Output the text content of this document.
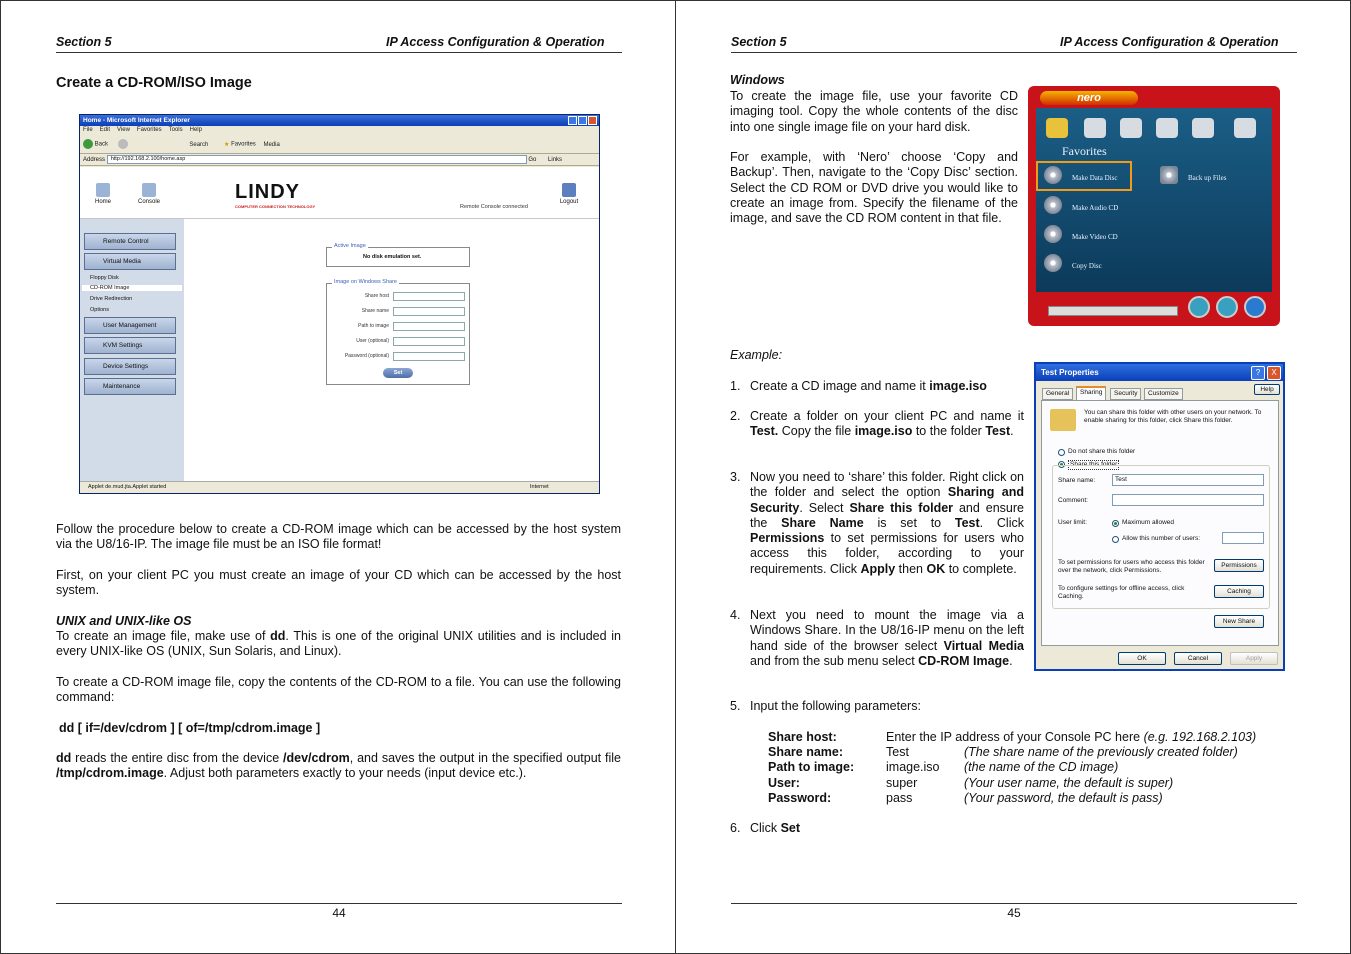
Section 5	IP Access Configuration & Operation
Create a CD-ROM/ISO Image
Home - Microsoft Internet Explorer
File Edit View Favorites Tools Help
Back	Search	★ Favorites Media
Address http://192.168.2.100/home.asp	Go Links
Home	Console	LINDY
COMPUTER CONNECTION TECHNOLOGY	Remote Console connected
Logout
Remote Control
Virtual Media
Floppy Disk
CD-ROM Image
Drive Redirection
Options
User Management
KVM Settings
Device Settings
Maintenance
Active Image
No disk emulation set.
Image on Windows Share
Share host
Share name
Path to image
User (optional)
Password (optional)
Set
Applet de.mud.jta.Applet started	Internet
Follow the procedure below to create a CD-ROM image which can be accessed by the host system via the U8/16-IP. The image file must be an ISO file format!
First, on your client PC you must create an image of your CD which can be accessed by the host system.
UNIX and UNIX-like OS
To create an image file, make use of dd. This is one of the original UNIX utilities and is included in every UNIX-like OS (UNIX, Sun Solaris, and Linux).
To create a CD-ROM image file, copy the contents of the CD-ROM to a file. You can use the following command:
dd [ if=/dev/cdrom ] [ of=/tmp/cdrom.image ]
dd reads the entire disc from the device /dev/cdrom, and saves the output in the specified output file /tmp/cdrom.image. Adjust both parameters exactly to your needs (input device etc.).
44
Section 5	IP Access Configuration & Operation
45
Windows
To create the image file, use your favorite CD imaging tool. Copy the whole contents of the disc into one single image file on your hard disk.
For example, with ‘Nero’ choose ‘Copy and Backup’. Then, navigate to the ‘Copy Disc’ section. Select the CD ROM or DVD drive you would like to create an image from. Specify the filename of the image, and save the CD ROM content in that file.
nero
Favorites
Make Data Disc	Back up Files
Make Audio CD
Make Video CD
Copy Disc
Example:
Test Properties	?	X
Help
General	Sharing	Security	Customize
You can share this folder with other users on your network. To enable sharing for this folder, click Share this folder.
Do not share this folder
Share this folder
Share name:	Test
Comment:
User limit:	Maximum allowed
Allow this number of users:
To set permissions for users who access this folder over the network, click Permissions.
Permissions
To configure settings for offline access, click Caching.
Caching
New Share
OK	Cancel	Apply
1. Create a CD image and name it image.iso
2. Create a folder on your client PC and name it Test. Copy the file image.iso to the folder Test.
3. Now you need to ‘share’ this folder. Right click on the folder and select the option Sharing and Security. Select Share this folder and ensure the Share Name is set to Test. Click Permissions to set permissions for users who access this folder, according to your requirements. Click Apply then OK to complete.
4. Next you need to mount the image via a Windows Share. In the U8/16-IP menu on the left hand side of the browser select Virtual Media and from the sub menu select CD-ROM Image.
5. Input the following parameters:
Share host:	Enter the IP address of your Console PC here (e.g. 192.168.2.103)
Share name:	Test	(The share name of the previously created folder)
Path to image:	image.iso (the name of the CD image)
User:	super	(Your user name, the default is super)
Password:	pass	(Your password, the default is pass)
6. Click Set
